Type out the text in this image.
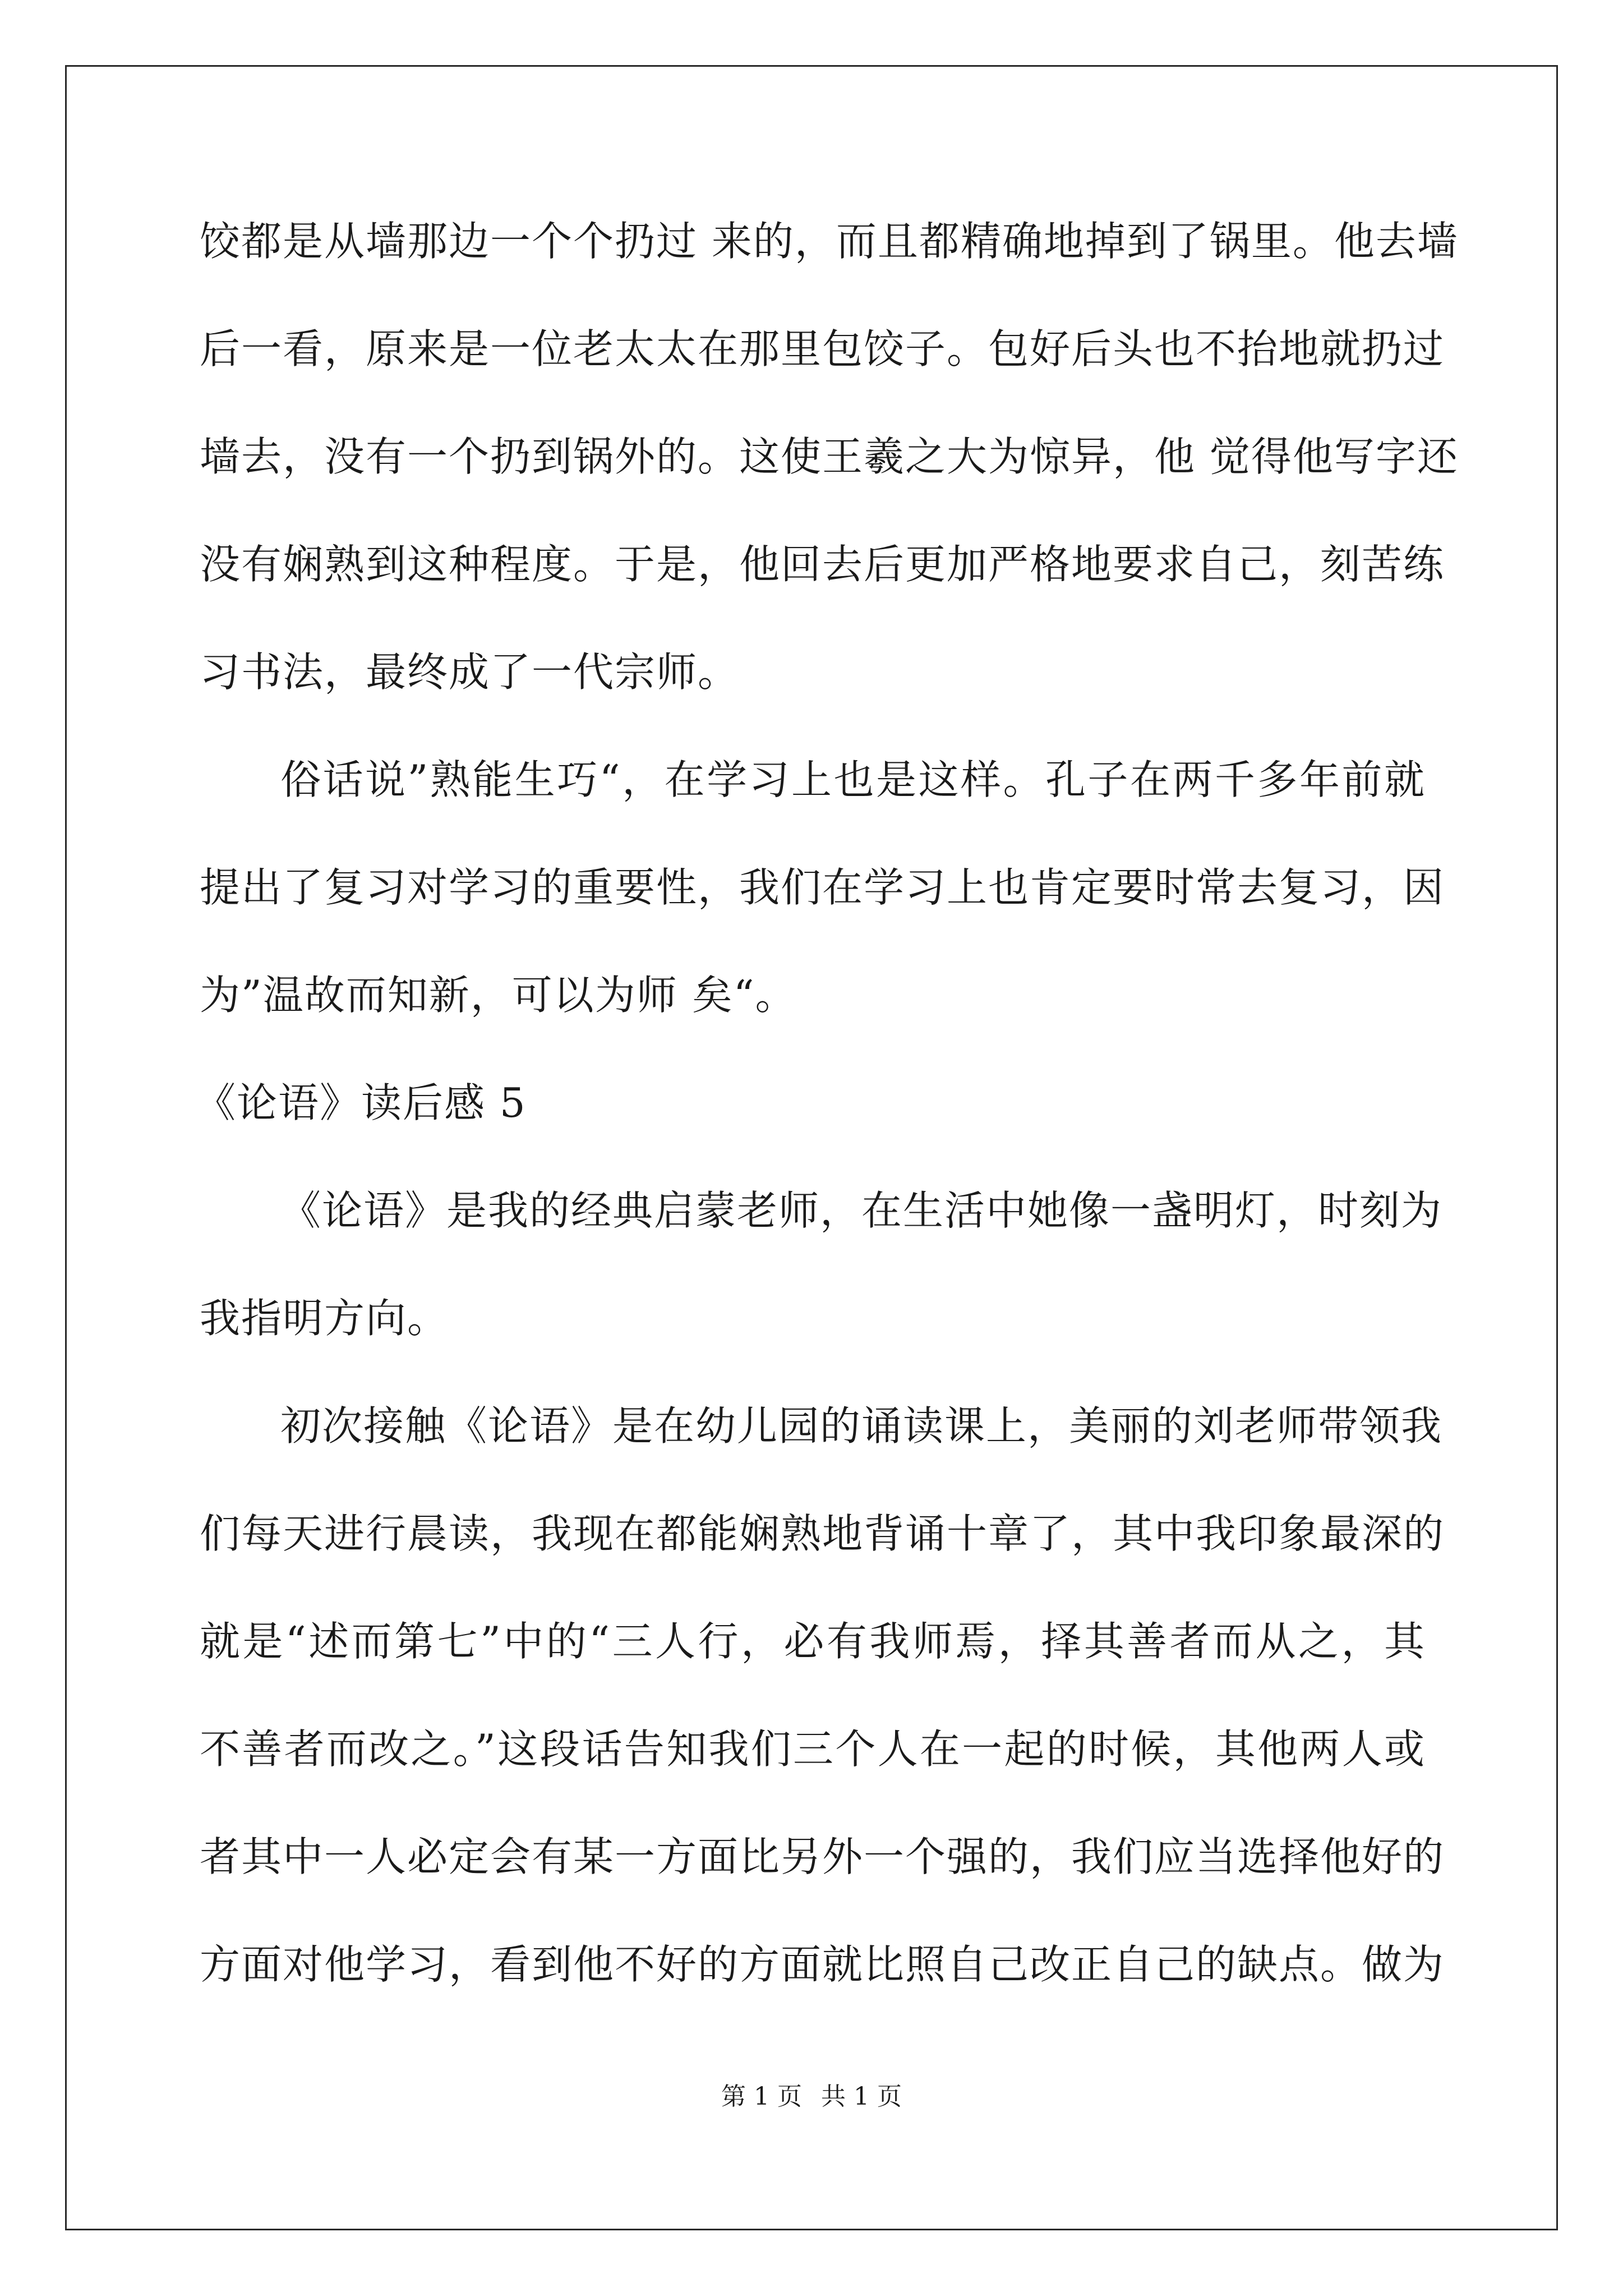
饺都是从墙那边一个个扔过 来的，而且都精确地掉到了锅里。他去墙
后一看，原来是一位老太太在那里包饺子。包好后头也不抬地就扔过
墙去，没有一个扔到锅外的。这使王羲之大为惊异，他 觉得他写字还
没有娴熟到这种程度。于是，他回去后更加严格地要求自己，刻苦练
习书法，最终成了一代宗师。
俗话说”熟能生巧“，在学习上也是这样。孔子在两千多年前就
提出了复习对学习的重要性，我们在学习上也肯定要时常去复习，因
为”温故而知新，可以为师 矣“。
《论语》读后感 5
《论语》是我的经典启蒙老师，在生活中她像一盏明灯，时刻为
我指明方向。
初次接触《论语》是在幼儿园的诵读课上，美丽的刘老师带领我
们每天进行晨读，我现在都能娴熟地背诵十章了，其中我印象最深的
就是“述而第七”中的“三人行，必有我师焉，择其善者而从之，其
不善者而改之。”这段话告知我们三个人在一起的时候，其他两人或
者其中一人必定会有某一方面比另外一个强的，我们应当选择他好的
方面对他学习，看到他不好的方面就比照自己改正自己的缺点。做为
第 1 页 共 1 页
